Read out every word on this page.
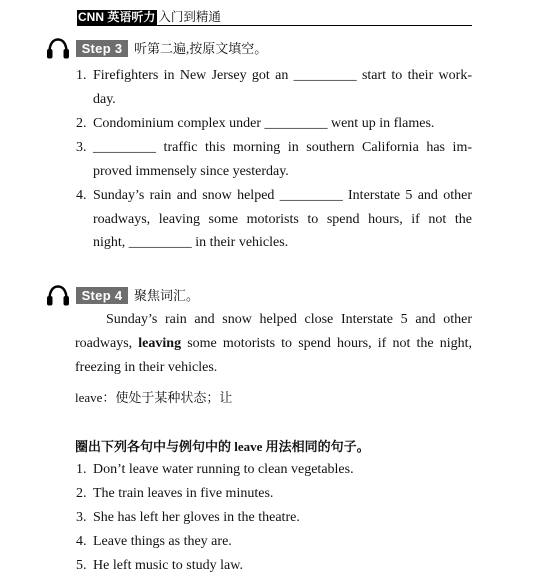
CNN 英语听力 入门到精通
Step 3 听第二遍,按原文填空。
1. Firefighters in New Jersey got an _________ start to their work-
day.
2. Condominium complex under _________ went up in flames.
3. _________ traffic this morning in southern California has im-
proved immensely since yesterday.
4. Sunday’s rain and snow helped _________ Interstate 5 and other
roadways, leaving some motorists to spend hours, if not the
night, _________ in their vehicles.
Step 4 聚焦词汇。
Sunday’s rain and snow helped close Interstate 5 and other
roadways, leaving some motorists to spend hours, if not the night,
freezing in their vehicles.
leave：使处于某种状态；让
圈出下列各句中与例句中的 leave 用法相同的句子。
1. Don’t leave water running to clean vegetables.
2. The train leaves in five minutes.
3. She has left her gloves in the theatre.
4. Leave things as they are.
5. He left music to study law.
